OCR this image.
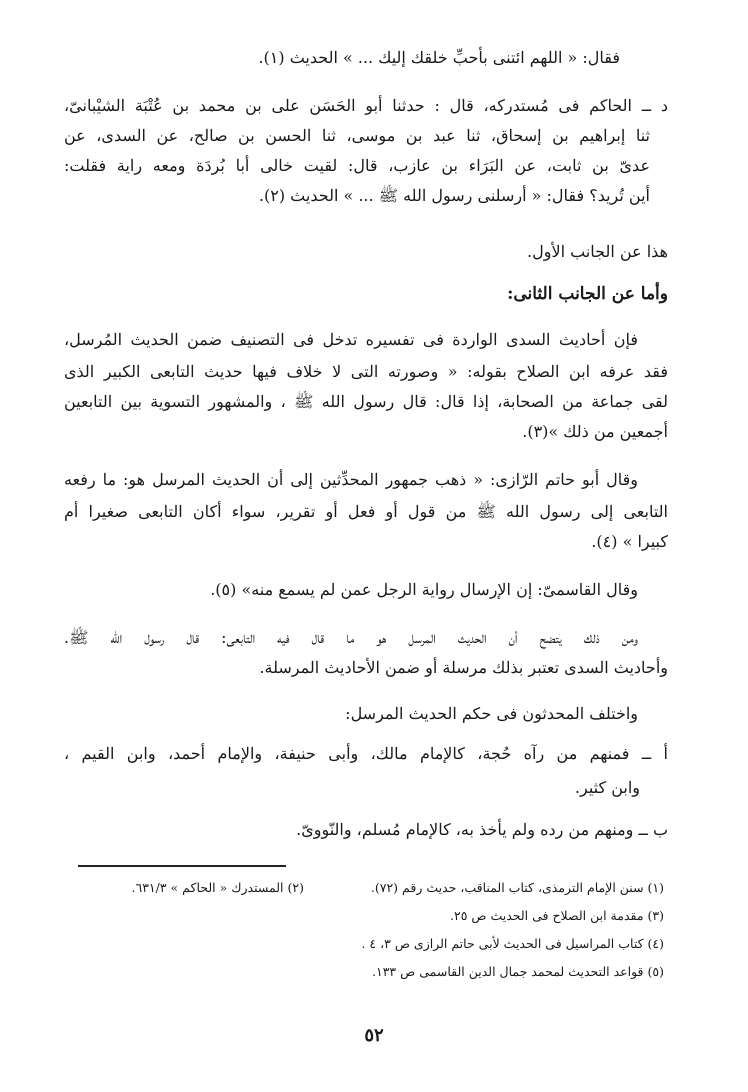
فقال: « اللهم ائتنى بأحبِّ خلقك إليك ... » الحديث (١).
د ــ الحاكم فى مُستدركه، قال : حدثنا أبو الحَسَن على بن محمد بن عُتْبَة الشيْبانىّ،
ثنا إبراهيم بن إسحاق، ثنا عبد بن موسى، ثنا الحسن بن صالح، عن السدى، عن
عدىّ بن ثابت، عن البَرَاء بن عازب، قال: لقيت خالى أبا بُردَة ومعه راية فقلت:
أين تُريد؟ فقال: « أرسلنى رسول الله ﷺ ... » الحديث (٢).
هذا عن الجانب الأول.
وأما عن الجانب الثانى:
فإن أحاديث السدى الواردة فى تفسيره تدخل فى التصنيف ضمن الحديث المُرسل،
فقد عرفه ابن الصلاح بقوله: « وصورته التى لا خلاف فيها حديث التابعى الكبير الذى
لقى جماعة من الصحابة، إذا قال: قال رسول الله ﷺ ، والمشهور التسوية بين التابعين
أجمعين من ذلك »(٣).
وقال أبو حاتم الرّازى: « ذهب جمهور المحدِّثين إلى أن الحديث المرسل هو: ما رفعه
التابعى إلى رسول الله ﷺ من قول أو فعل أو تقرير، سواء أكان التابعى صغيرا أم
كبيرا » (٤).
وقال القاسمىّ: إن الإرسال رواية الرجل عمن لم يسمع منه» (٥).
ومن ذلك يتضح أن الحديث المرسل هو ما قال فيه التابعى: قال رسول الله ﷺ.
وأحاديث السدى تعتبر بذلك مرسلة أو ضمن الأحاديث المرسلة.
واختلف المحدثون فى حكم الحديث المرسل:
أ ــ فمنهم من رآه حُجة، كالإمام مالك، وأبى حنيفة، والإمام أحمد، وابن القيم ،
وابن كثير.
ب ــ ومنهم من رده ولم يأخذ به، كالإمام مُسلم، والنّووىّ.
(١) سنن الإمام الترمذى، كتاب المناقب، حديث رقم (٧٢).
(٢) المستدرك « الحاكم » ٦٣١/٣.
(٣) مقدمة ابن الصلاح فى الحديث ص ٢٥.
(٤) كتاب المراسيل فى الحديث لأبى حاتم الرازى ص ٣، ٤ .
(٥) قواعد التحديث لمحمد جمال الدين القاسمى ص ١٣٣.
٥٢
